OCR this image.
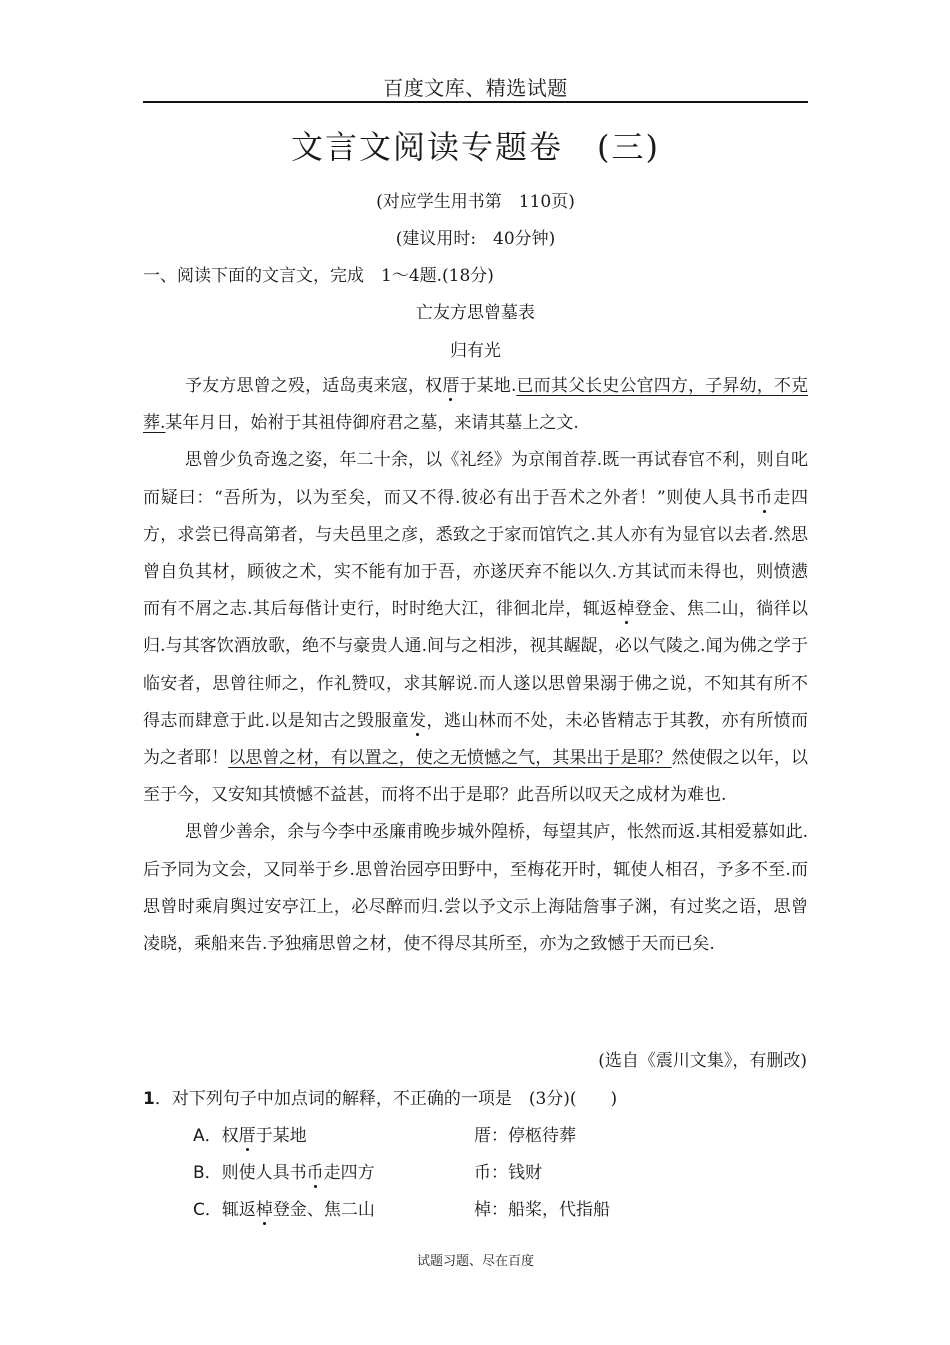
百度文库、精选试题
文言文阅读专题卷　(三)
(对应学生用书第　110页)
(建议用时:　40分钟)
一、阅读下面的文言文，完成　1～4题.(18分)
亡友方思曾墓表
归有光

予友方思曾之殁，适岛夷来寇，权厝于某地.已而其父长史公官四方，子昇幼，不克葬.某年月日，始祔于其祖侍御府君之墓，来请其墓上之文.

思曾少负奇逸之姿，年二十余，以《礼经》为京闱首荐.既一再试春官不利，则自叱而疑曰：“吾所为，以为至矣，而又不得.彼必有出于吾术之外者！”则使人具书币走四方，求尝已得高第者，与夫邑里之彦，悉致之于家而馆饩之.其人亦有为显官以去者.然思曾自负其材，顾彼之术，实不能有加于吾，亦遂厌弃不能以久.方其试而未得也，则愤懑而有不屑之志.其后每偕计吏行，时时绝大江，徘徊北岸，辄返棹登金、焦二山，徜徉以归.与其客饮酒放歌，绝不与豪贵人通.间与之相涉，视其龌龊，必以气陵之.闻为佛之学于临安者，思曾往师之，作礼赞叹，求其解说.而人遂以思曾果溺于佛之说，不知其有所不得志而肆意于此.以是知古之毁服童发，逃山林而不处，未必皆精志于其教，亦有所愤而为之者耶！以思曾之材，有以置之，使之无愤憾之气，其果出于是耶？然使假之以年，以至于今，又安知其愤憾不益甚，而将不出于是耶？此吾所以叹天之成材为难也.

思曾少善余，余与今李中丞廉甫晚步城外隍桥，每望其庐，怅然而返.其相爱慕如此.后予同为文会，又同举于乡.思曾治园亭田野中，至梅花开时，辄使人相召，予多不至.而思曾时乘肩舆过安亭江上，必尽醉而归.尝以予文示上海陆詹事子渊，有过奖之语，思曾凌晓，乘船来告.予独痛思曾之材，使不得尽其所至，亦为之致憾于天而已矣.

(选自《震川文集》，有删改)
1．对下列句子中加点词的解释，不正确的一项是　(3分)(　　)
A．权厝于某地	厝：停柩待葬
B．则使人具书币走四方	币：钱财
C．辄返棹登金、焦二山	棹：船桨，代指船
试题习题、尽在百度
